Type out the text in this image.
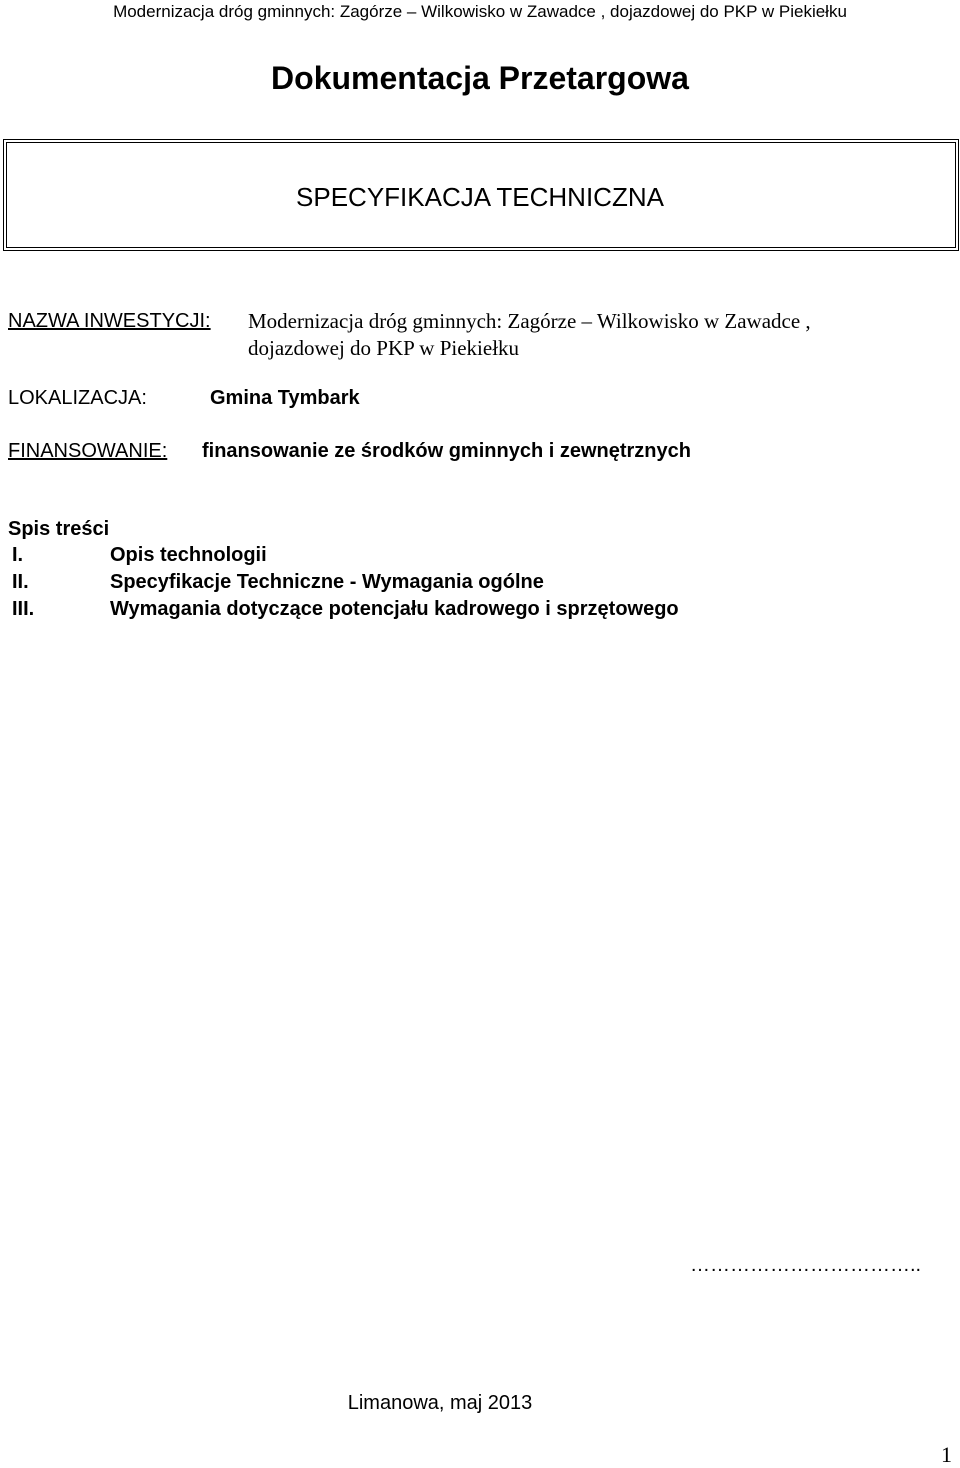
Modernizacja dróg gminnych: Zagórze – Wilkowisko w Zawadce , dojazdowej do PKP w Piekiełku
Dokumentacja Przetargowa
SPECYFIKACJA TECHNICZNA
NAZWA INWESTYCJI: Modernizacja dróg gminnych: Zagórze – Wilkowisko w Zawadce ,
dojazdowej do PKP w Piekiełku
LOKALIZACJA:	Gmina Tymbark
FINANSOWANIE: finansowanie ze środków gminnych i zewnętrznych
Spis treści
I.	Opis technologii
II.	Specyfikacje Techniczne - Wymagania ogólne
III.	Wymagania dotyczące potencjału kadrowego i sprzętowego
……………………………..
Limanowa, maj 2013
1
